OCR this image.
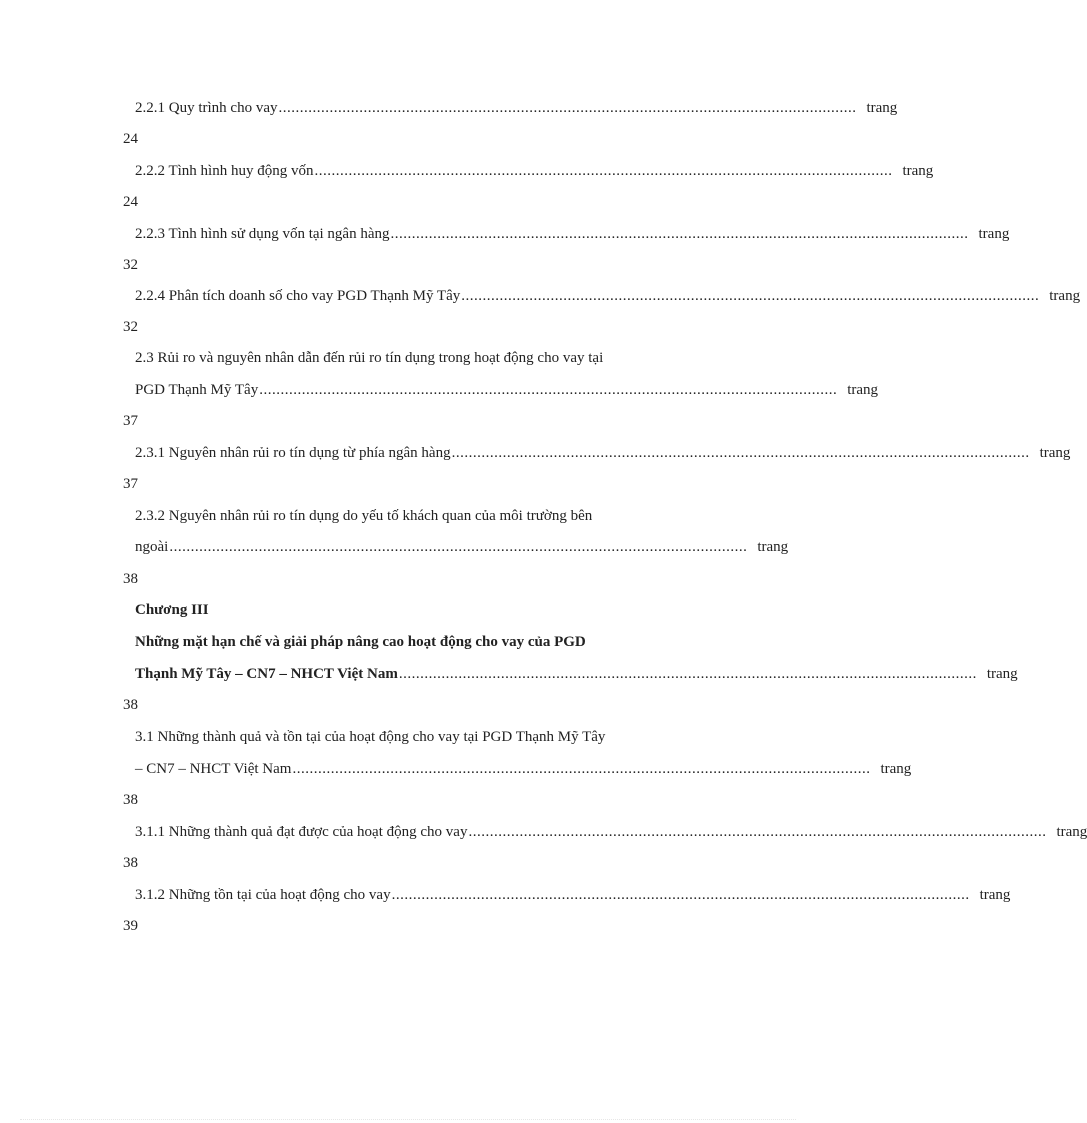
2.2.1 Quy trình cho vay ........................................................................................................................................ trang
24
2.2.2 Tình hình huy động vốn ........................................................................................................................................ trang
24
2.2.3 Tình hình sử dụng vốn tại ngân hàng ........................................................................................................................................ trang
32
2.2.4 Phân tích doanh số cho vay PGD Thạnh Mỹ Tây ........................................................................................................................................ trang
32
2.3 Rủi ro và nguyên nhân dẫn đến rủi ro tín dụng trong hoạt động cho vay tại
PGD Thạnh Mỹ Tây ........................................................................................................................................ trang
37
2.3.1 Nguyên nhân rủi ro tín dụng từ phía ngân hàng ........................................................................................................................................ trang
37
2.3.2 Nguyên nhân rủi ro tín dụng do yếu tố khách quan của môi trường bên
ngoài ........................................................................................................................................ trang
38
Chương III
Những mặt hạn chế và giải pháp nâng cao hoạt động cho vay của PGD
Thạnh Mỹ Tây – CN7 – NHCT Việt Nam ........................................................................................................................................ trang
38
3.1 Những thành quả và tồn tại của hoạt động cho vay tại PGD Thạnh Mỹ Tây
– CN7 – NHCT Việt Nam ........................................................................................................................................ trang
38
3.1.1 Những thành quả đạt được của hoạt động cho vay ........................................................................................................................................ trang
38
3.1.2 Những tồn tại của hoạt động cho vay ........................................................................................................................................ trang
39
